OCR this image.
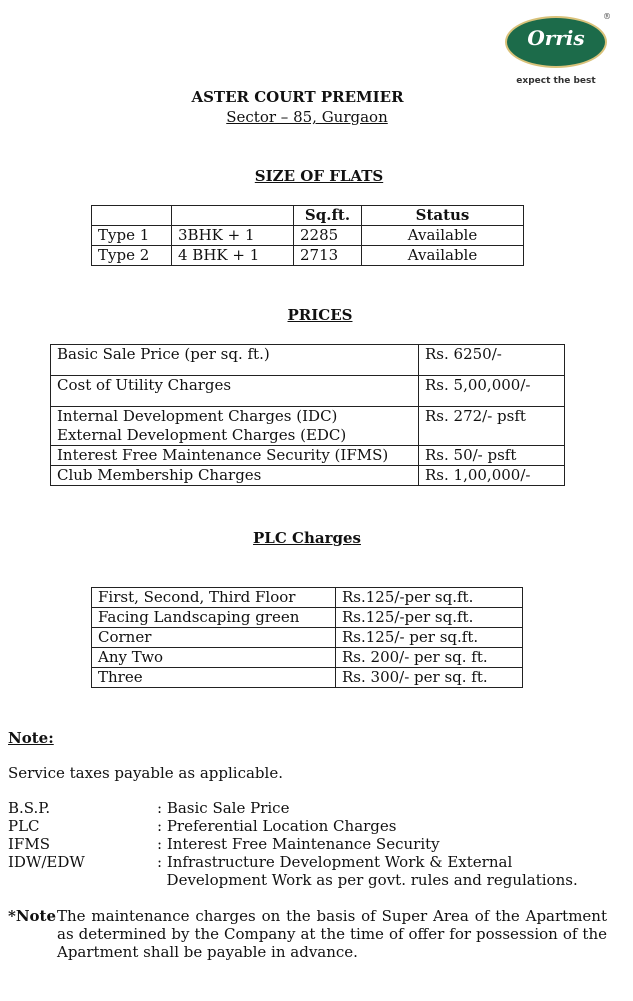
Orris
®
expect the best
ASTER COURT PREMIER
Sector – 85, Gurgaon
SIZE OF FLATS
		Sq.ft.	Status
Type 1	3BHK + 1	2285	Available
Type 2	4 BHK + 1	2713	Available
PRICES
Basic Sale Price (per sq. ft.)	Rs. 6250/-
Cost of Utility Charges	Rs. 5,00,000/-

Internal Development Charges (IDC)
External Development Charges (EDC)	Rs. 272/- psft
Interest Free Maintenance Security (IFMS)	Rs. 50/- psft
Club Membership Charges	Rs. 1,00,000/-
PLC Charges
First, Second, Third Floor	Rs.125/-per sq.ft.
Facing Landscaping green	Rs.125/-per sq.ft.
Corner	Rs.125/- per sq.ft.
Any Two	Rs. 200/- per sq. ft.
Three	Rs. 300/- per sq. ft.
Note:
Service taxes payable as applicable.
B.S.P.	: Basic Sale Price
PLC	: Preferential Location Charges
IFMS	: Interest Free Maintenance Security
IDW/EDW	: Infrastructure Development Work & External
Development Work as per govt. rules and regulations.
*Note The maintenance charges on the basis of Super Area of the Apartment as determined by the Company at the time of offer for possession of the Apartment shall be payable in advance.
